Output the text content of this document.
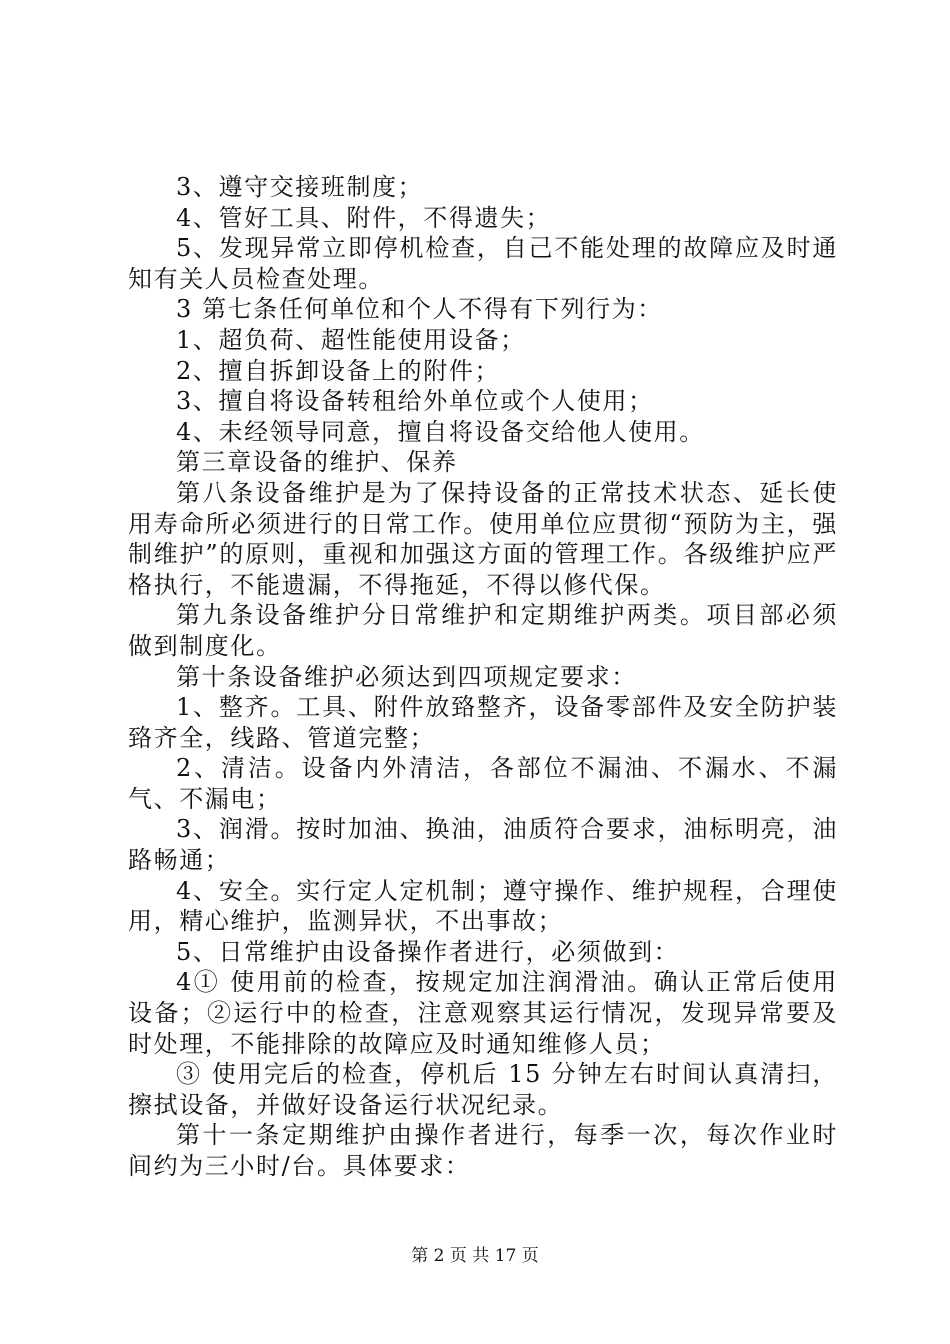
3、遵守交接班制度；

4、管好工具、附件，不得遗失；

5、发现异常立即停机检查，自己不能处理的故障应及时通知有关人员检查处理。

3 第七条任何单位和个人不得有下列行为：

1、超负荷、超性能使用设备；

2、擅自拆卸设备上的附件；

3、擅自将设备转租给外单位或个人使用；

4、未经领导同意，擅自将设备交给他人使用。

第三章设备的维护、保养

第八条设备维护是为了保持设备的正常技术状态、延长使用寿命所必须进行的日常工作。使用单位应贯彻“预防为主，强制维护”的原则，重视和加强这方面的管理工作。各级维护应严格执行，不能遗漏，不得拖延，不得以修代保。

第九条设备维护分日常维护和定期维护两类。项目部必须做到制度化。

第十条设备维护必须达到四项规定要求：

1、整齐。工具、附件放臵整齐，设备零部件及安全防护装臵齐全，线路、管道完整；

2、清洁。设备内外清洁，各部位不漏油、不漏水、不漏气、不漏电；

3、润滑。按时加油、换油，油质符合要求，油标明亮，油路畅通；

4、安全。实行定人定机制；遵守操作、维护规程，合理使用，精心维护，监测异状，不出事故；

5、日常维护由设备操作者进行，必须做到：

4① 使用前的检查，按规定加注润滑油。确认正常后使用设备；②运行中的检查，注意观察其运行情况，发现异常要及时处理，不能排除的故障应及时通知维修人员；

③ 使用完后的检查，停机后 15 分钟左右时间认真清扫，擦拭设备，并做好设备运行状况纪录。

第十一条定期维护由操作者进行，每季一次，每次作业时间约为三小时/台。具体要求：

第 2 页 共 17 页
